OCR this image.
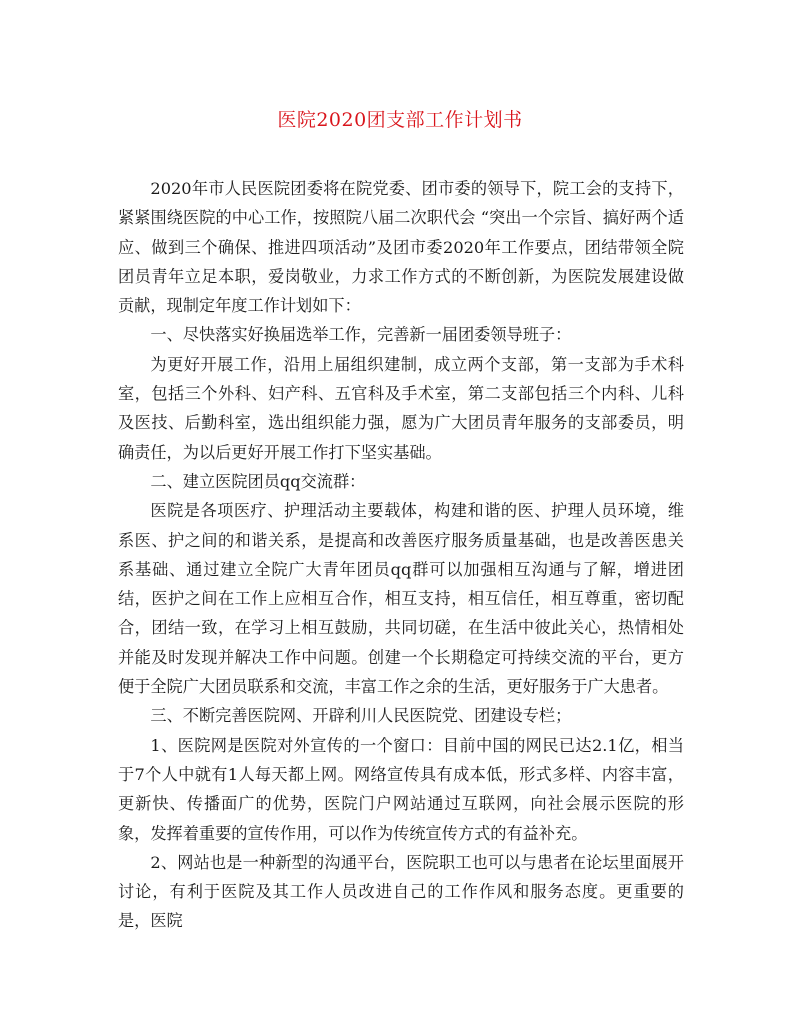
医院2020团支部工作计划书

2020年市人民医院团委将在院党委、团市委的领导下，院工会的支持下，紧紧围绕医院的中心工作，按照院八届二次职代会 “突出一个宗旨、搞好两个适应、做到三个确保、推进四项活动”及团市委2020年工作要点，团结带领全院团员青年立足本职，爱岗敬业，力求工作方式的不断创新，为医院发展建设做贡献，现制定年度工作计划如下：

一、尽快落实好换届选举工作，完善新一届团委领导班子：

为更好开展工作，沿用上届组织建制，成立两个支部，第一支部为手术科室，包括三个外科、妇产科、五官科及手术室，第二支部包括三个内科、儿科及医技、后勤科室，选出组织能力强，愿为广大团员青年服务的支部委员，明确责任，为以后更好开展工作打下坚实基础。

二、建立医院团员qq交流群：

医院是各项医疗、护理活动主要载体，构建和谐的医、护理人员环境，维系医、护之间的和谐关系，是提高和改善医疗服务质量基础，也是改善医患关系基础、通过建立全院广大青年团员qq群可以加强相互沟通与了解，增进团结，医护之间在工作上应相互合作，相互支持，相互信任，相互尊重，密切配合，团结一致，在学习上相互鼓励，共同切磋，在生活中彼此关心，热情相处并能及时发现并解决工作中问题。创建一个长期稳定可持续交流的平台，更方便于全院广大团员联系和交流，丰富工作之余的生活，更好服务于广大患者。

三、不断完善医院网、开辟利川人民医院党、团建设专栏；

1、医院网是医院对外宣传的一个窗口：目前中国的网民已达2.1亿，相当于7个人中就有1人每天都上网。网络宣传具有成本低，形式多样、内容丰富，更新快、传播面广的优势，医院门户网站通过互联网，向社会展示医院的形象，发挥着重要的宣传作用，可以作为传统宣传方式的有益补充。

2、网站也是一种新型的沟通平台，医院职工也可以与患者在论坛里面展开讨论，有利于医院及其工作人员改进自己的工作作风和服务态度。更重要的是，医院
